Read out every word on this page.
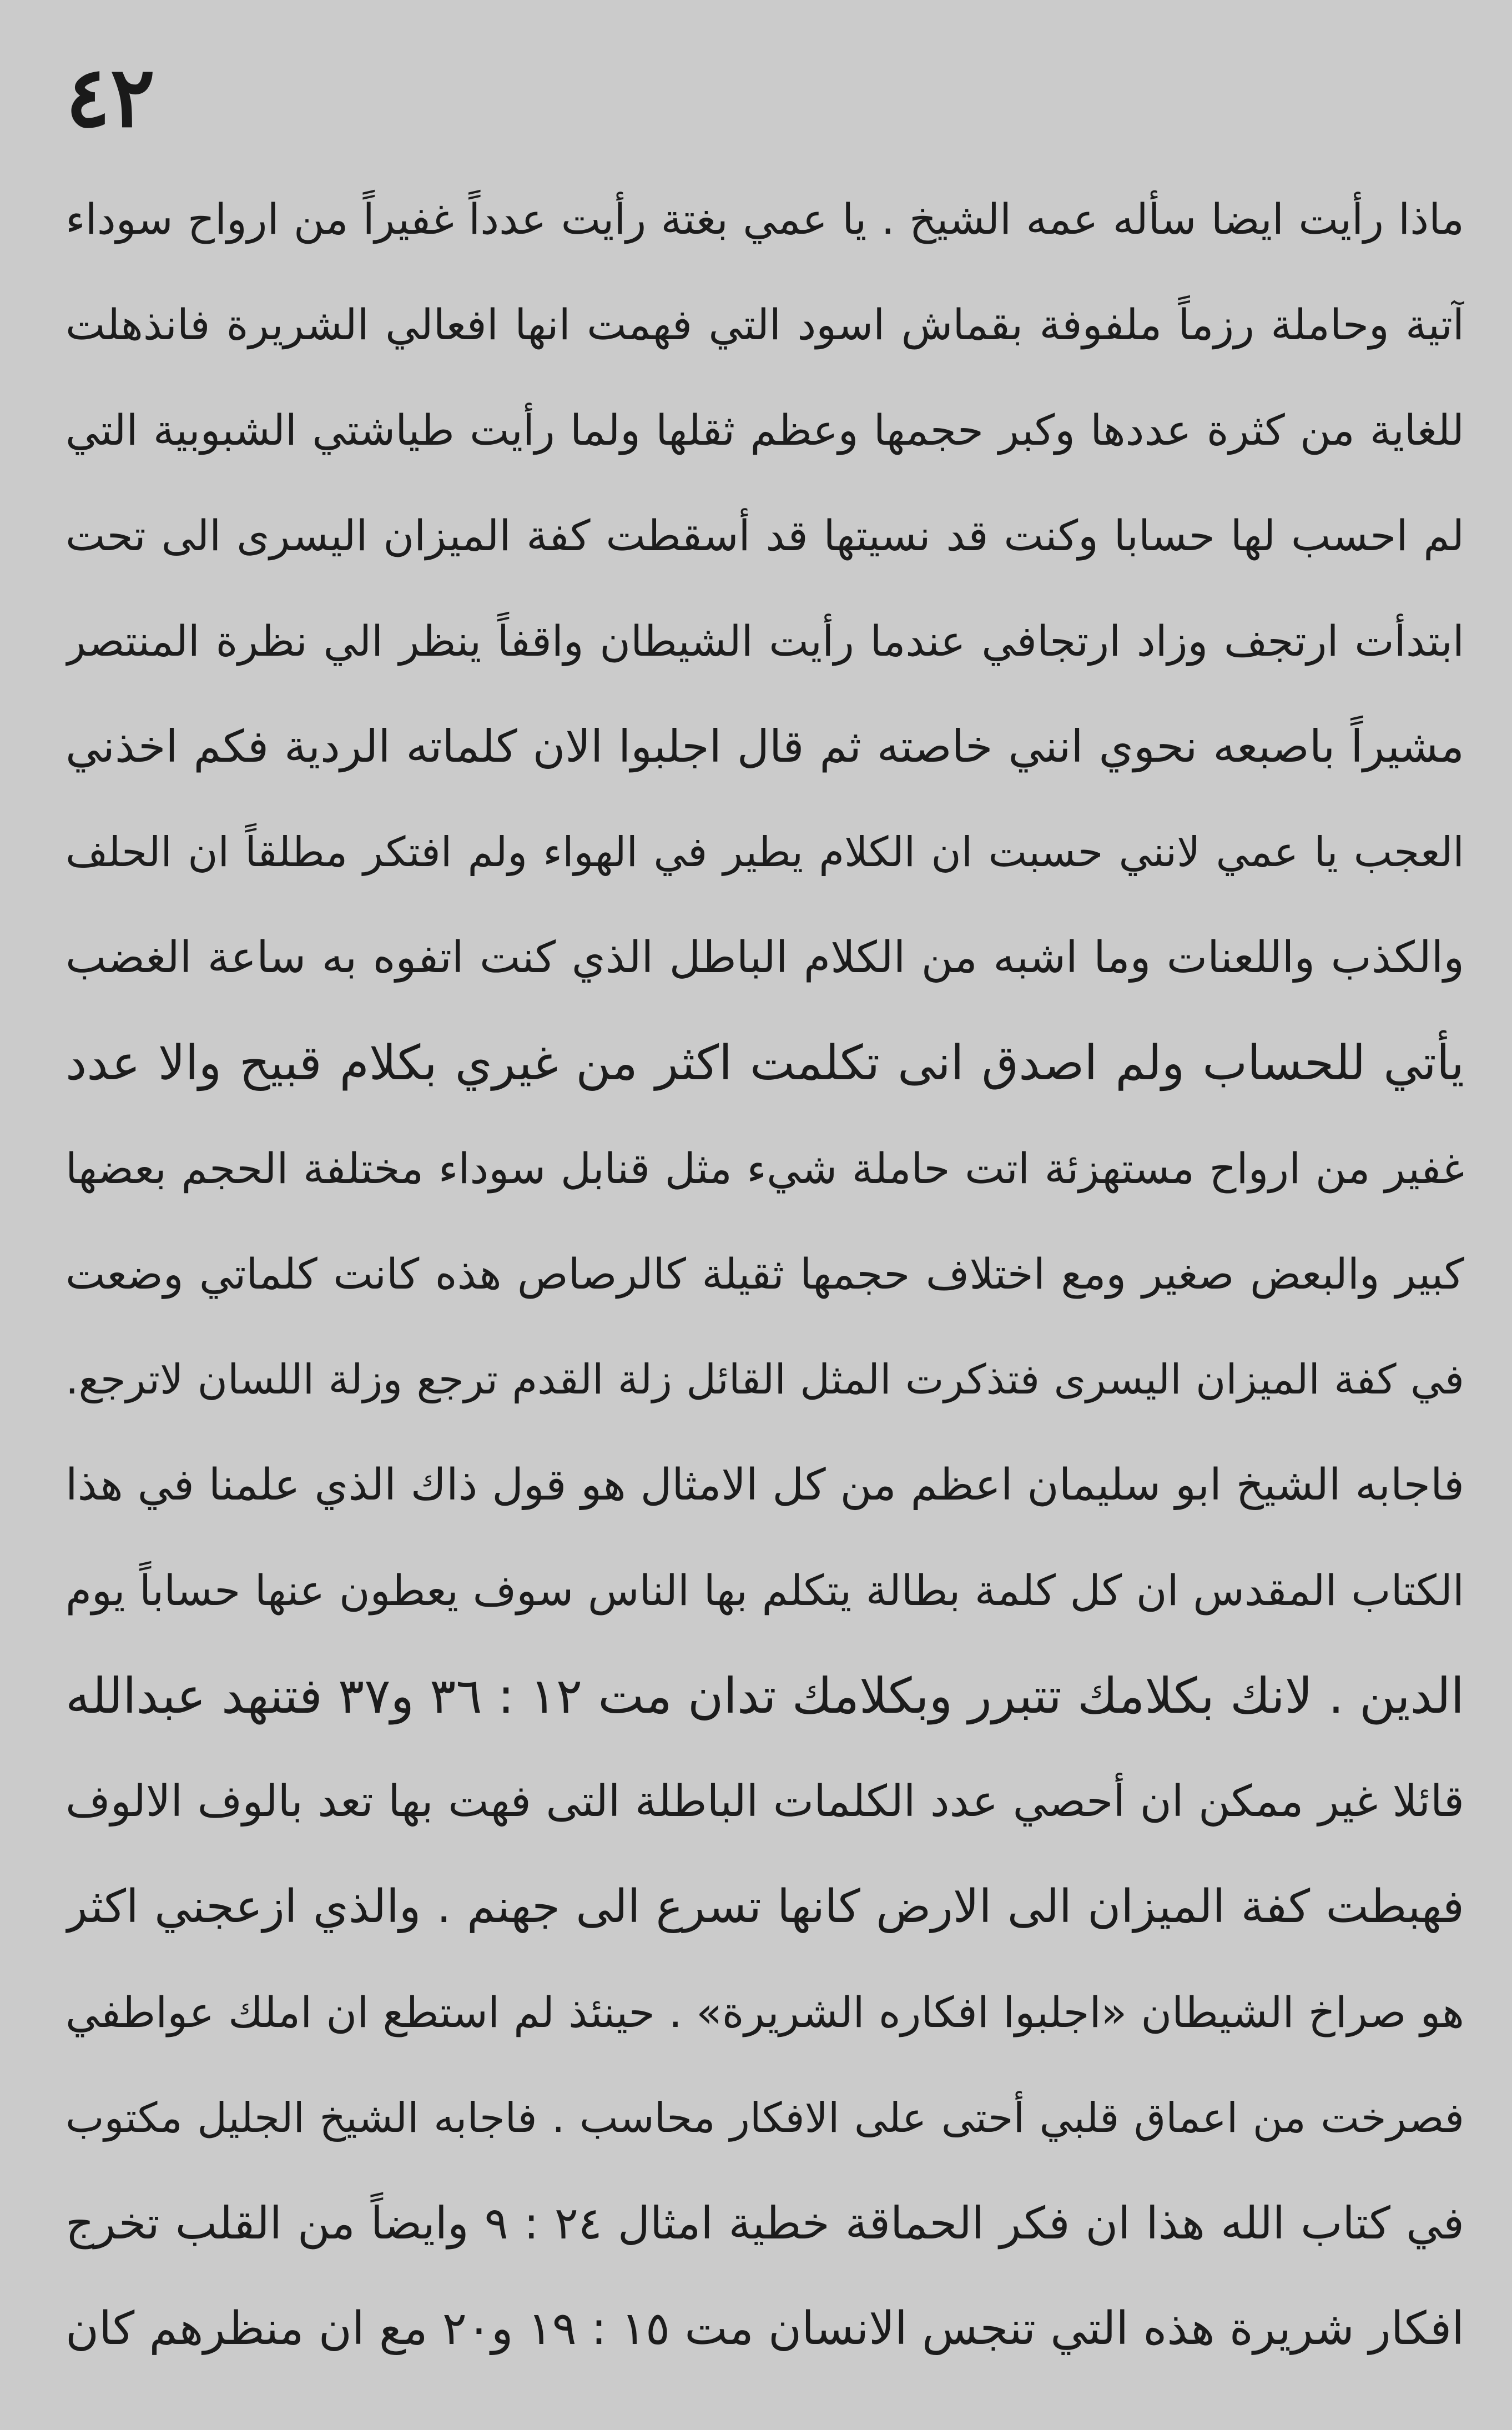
٤٢
ماذا رأيت ايضا سأله عمه الشيخ . يا عمي بغتة رأيت عدداً غفيراً من ارواح سوداء
آتية وحاملة رزماً ملفوفة بقماش اسود التي فهمت انها افعالي الشريرة فانذهلت
للغاية من كثرة عددها وكبر حجمها وعظم ثقلها ولما رأيت طياشتي الشبوبية التي
لم احسب لها حسابا وكنت قد نسيتها قد أسقطت كفة الميزان اليسرى الى تحت
ابتدأت ارتجف وزاد ارتجافي عندما رأيت الشيطان واقفاً ينظر الي نظرة المنتصر
مشيراً باصبعه نحوي انني خاصته ثم قال اجلبوا الان كلماته الردية فكم اخذني
العجب يا عمي لانني حسبت ان الكلام يطير في الهواء ولم افتكر مطلقاً ان الحلف
والكذب واللعنات وما اشبه من الكلام الباطل الذي كنت اتفوه به ساعة الغضب
يأتي للحساب ولم اصدق انى تكلمت اكثر من غيري بكلام قبيح والا عدد
غفير من ارواح مستهزئة اتت حاملة شيء مثل قنابل سوداء مختلفة الحجم بعضها
كبير والبعض صغير ومع اختلاف حجمها ثقيلة كالرصاص هذه كانت كلماتي وضعت
في كفة الميزان اليسرى فتذكرت المثل القائل زلة القدم ترجع وزلة اللسان لاترجع.
فاجابه الشيخ ابو سليمان اعظم من كل الامثال هو قول ذاك الذي علمنا في هذا
الكتاب المقدس ان كل كلمة بطالة يتكلم بها الناس سوف يعطون عنها حساباً يوم
الدين . لانك بكلامك تتبرر وبكلامك تدان مت ١٢ : ٣٦ و٣٧ فتنهد عبدالله
قائلا غير ممكن ان أحصي عدد الكلمات الباطلة التى فهت بها تعد بالوف الالوف
فهبطت كفة الميزان الى الارض كانها تسرع الى جهنم . والذي ازعجني اكثر
هو صراخ الشيطان «اجلبوا افكاره الشريرة» . حينئذ لم استطع ان املك عواطفي
فصرخت من اعماق قلبي أحتى على الافكار محاسب . فاجابه الشيخ الجليل مكتوب
في كتاب الله هذا ان فكر الحماقة خطية امثال ٢٤ : ٩ وايضاً من القلب تخرج
افكار شريرة هذه التي تنجس الانسان مت ١٥ : ١٩ و٢٠ مع ان منظرهم كان
